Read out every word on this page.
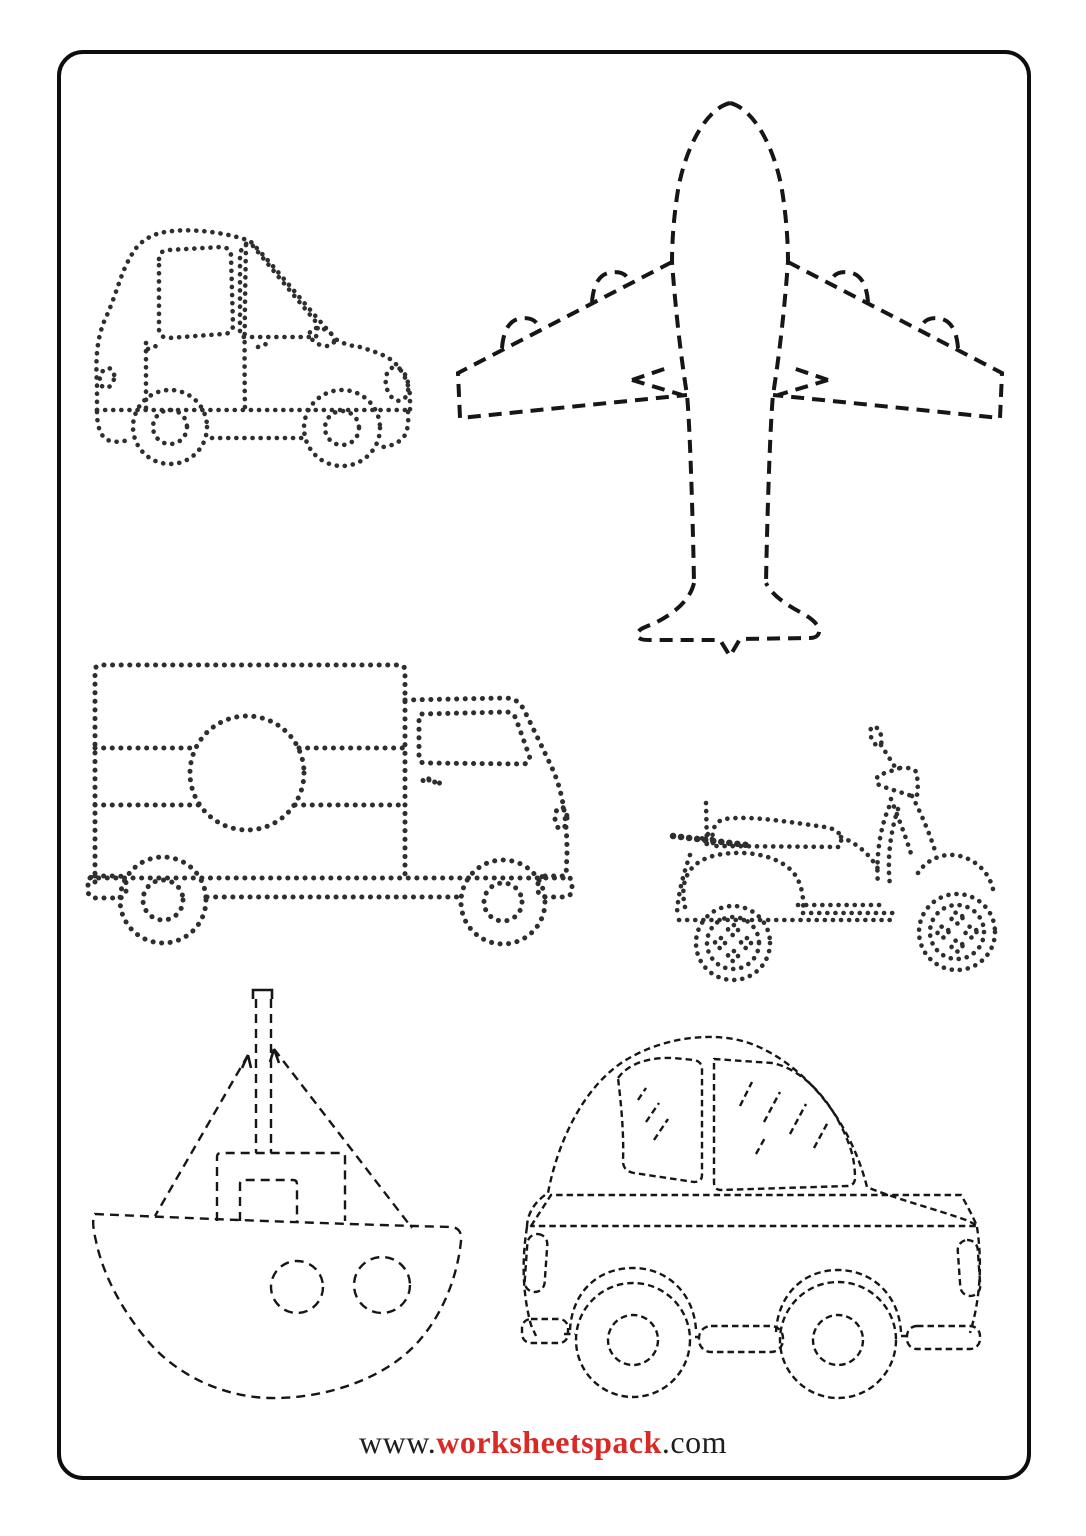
www.worksheetspack.com
